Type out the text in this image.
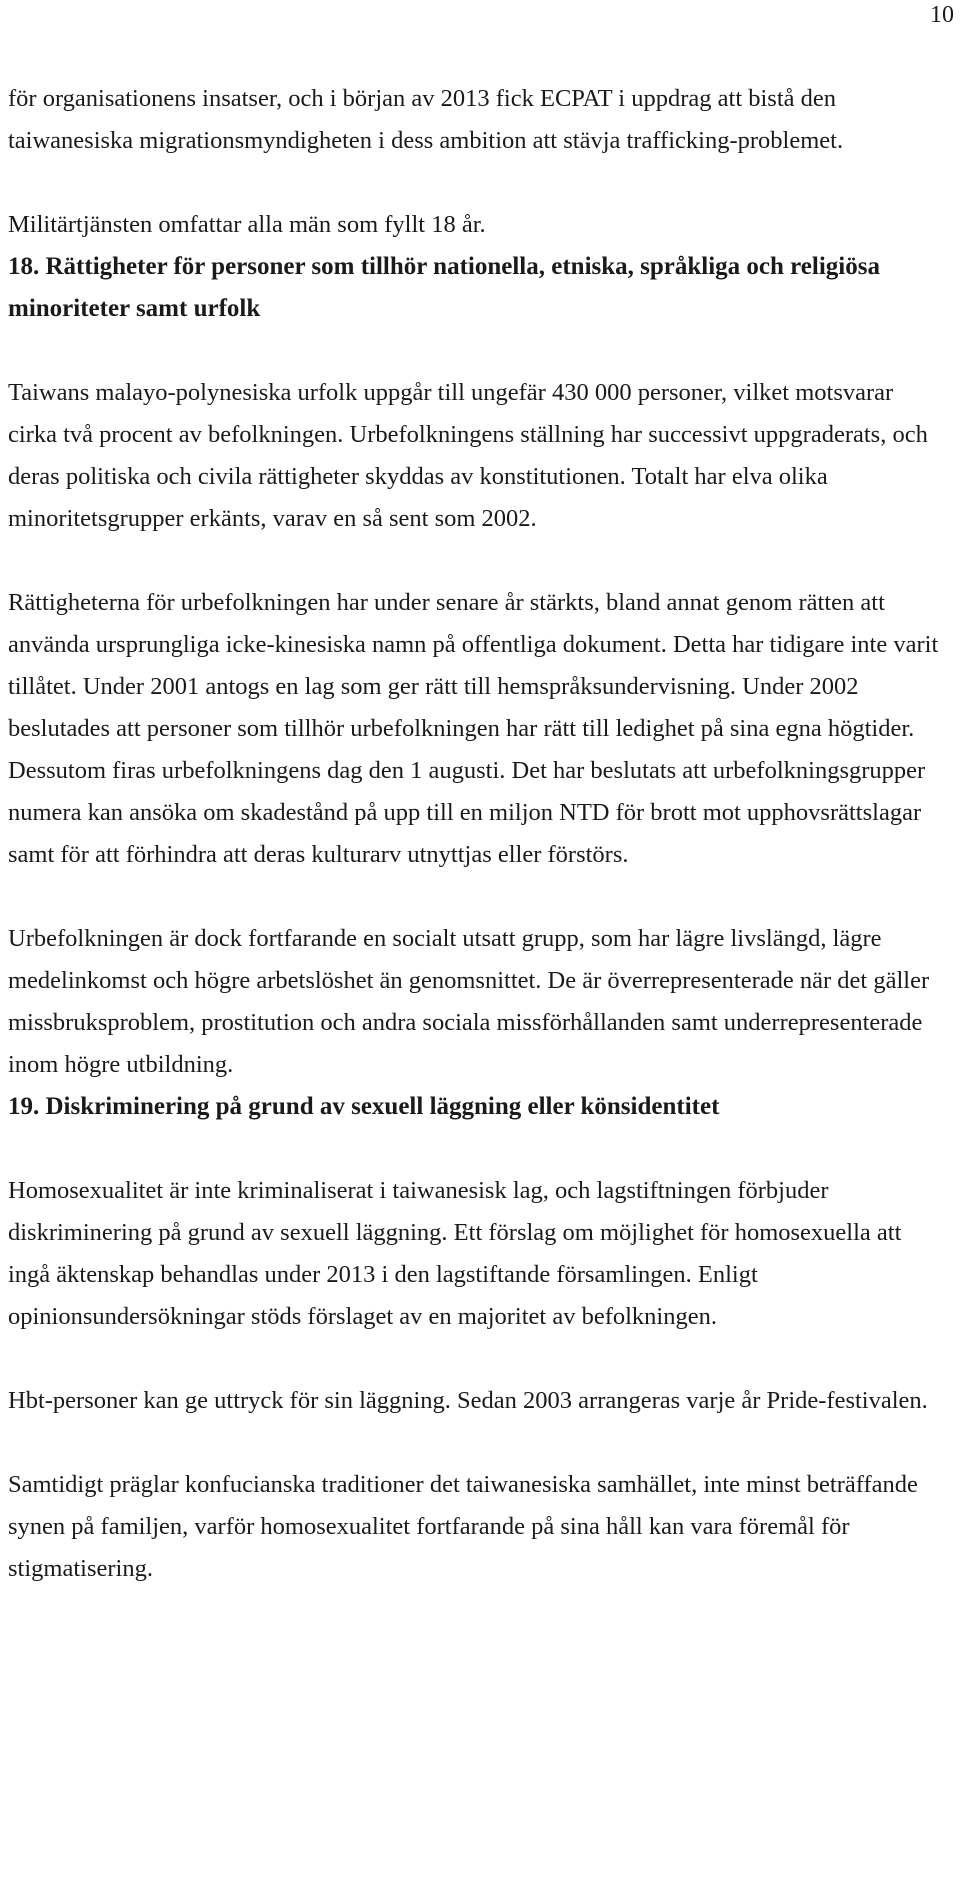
10

för organisationens insatser, och i början av 2013 fick ECPAT i uppdrag att bistå den taiwanesiska migrationsmyndigheten i dess ambition att stävja trafficking-problemet.

Militärtjänsten omfattar alla män som fyllt 18 år.

18. Rättigheter för personer som tillhör nationella, etniska, språkliga och religiösa minoriteter samt urfolk

Taiwans malayo-polynesiska urfolk uppgår till ungefär 430 000 personer, vilket motsvarar cirka två procent av befolkningen. Urbefolkningens ställning har successivt uppgraderats, och deras politiska och civila rättigheter skyddas av konstitutionen. Totalt har elva olika minoritetsgrupper erkänts, varav en så sent som 2002.

Rättigheterna för urbefolkningen har under senare år stärkts, bland annat genom rätten att använda ursprungliga icke-kinesiska namn på offentliga dokument. Detta har tidigare inte varit tillåtet. Under 2001 antogs en lag som ger rätt till hemspråksundervisning. Under 2002 beslutades att personer som tillhör urbefolkningen har rätt till ledighet på sina egna högtider. Dessutom firas urbefolkningens dag den 1 augusti. Det har beslutats att urbefolkningsgrupper numera kan ansöka om skadestånd på upp till en miljon NTD för brott mot upphovsrättslagar samt för att förhindra att deras kulturarv utnyttjas eller förstörs.

Urbefolkningen är dock fortfarande en socialt utsatt grupp, som har lägre livslängd, lägre medelinkomst och högre arbetslöshet än genomsnittet. De är överrepresenterade när det gäller missbruksproblem, prostitution och andra sociala missförhållanden samt underrepresenterade inom högre utbildning.

19. Diskriminering på grund av sexuell läggning eller könsidentitet

Homosexualitet är inte kriminaliserat i taiwanesisk lag, och lagstiftningen förbjuder diskriminering på grund av sexuell läggning. Ett förslag om möjlighet för homosexuella att ingå äktenskap behandlas under 2013 i den lagstiftande församlingen. Enligt opinionsundersökningar stöds förslaget av en majoritet av befolkningen.

Hbt-personer kan ge uttryck för sin läggning. Sedan 2003 arrangeras varje år Pride-festivalen.

Samtidigt präglar konfucianska traditioner det taiwanesiska samhället, inte minst beträffande synen på familjen, varför homosexualitet fortfarande på sina håll kan vara föremål för stigmatisering.
